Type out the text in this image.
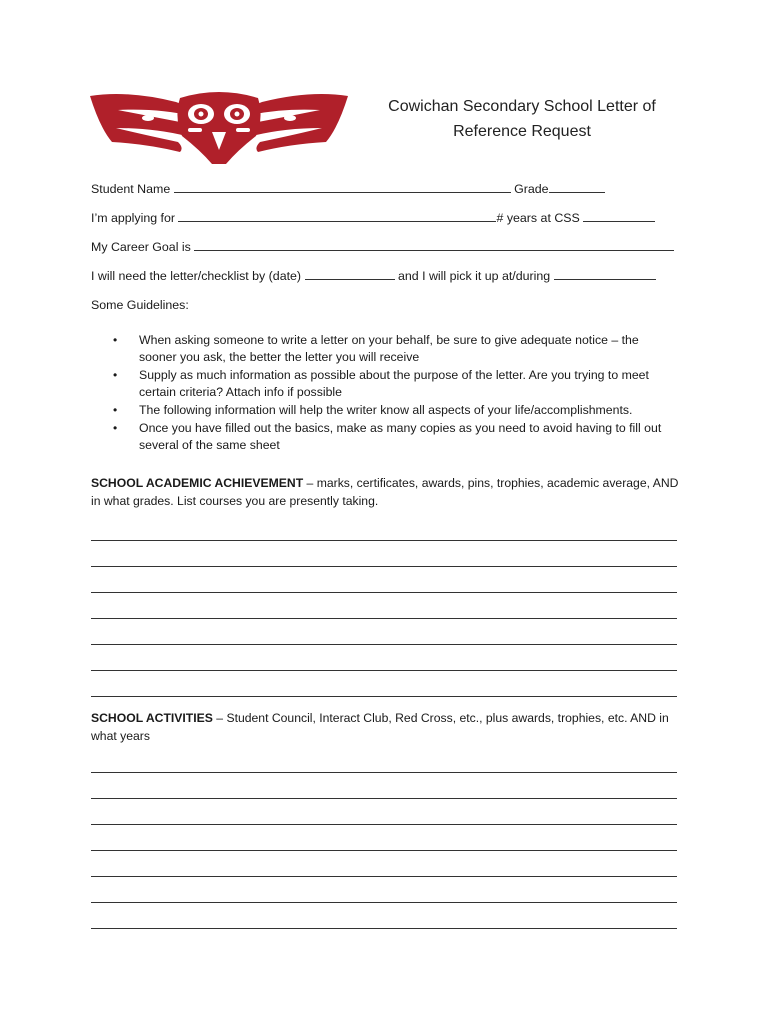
Cowichan Secondary School Letter of
Reference Request
Student Name	Grade
I’m applying for	# years at CSS
My Career Goal is
I will need the letter/checklist by (date)	and I will pick it up at/during
Some Guidelines:
• When asking someone to write a letter on your behalf, be sure to give adequate notice – the
sooner you ask, the better the letter you will receive
• Supply as much information as possible about the purpose of the letter. Are you trying to meet
certain criteria? Attach info if possible
• The following information will help the writer know all aspects of your life/accomplishments.
• Once you have filled out the basics, make as many copies as you need to avoid having to fill out
several of the same sheet
SCHOOL ACADEMIC ACHIEVEMENT – marks, certificates, awards, pins, trophies, academic average, AND
in what grades. List courses you are presently taking.
SCHOOL ACTIVITIES – Student Council, Interact Club, Red Cross, etc., plus awards, trophies, etc. AND in
what years
